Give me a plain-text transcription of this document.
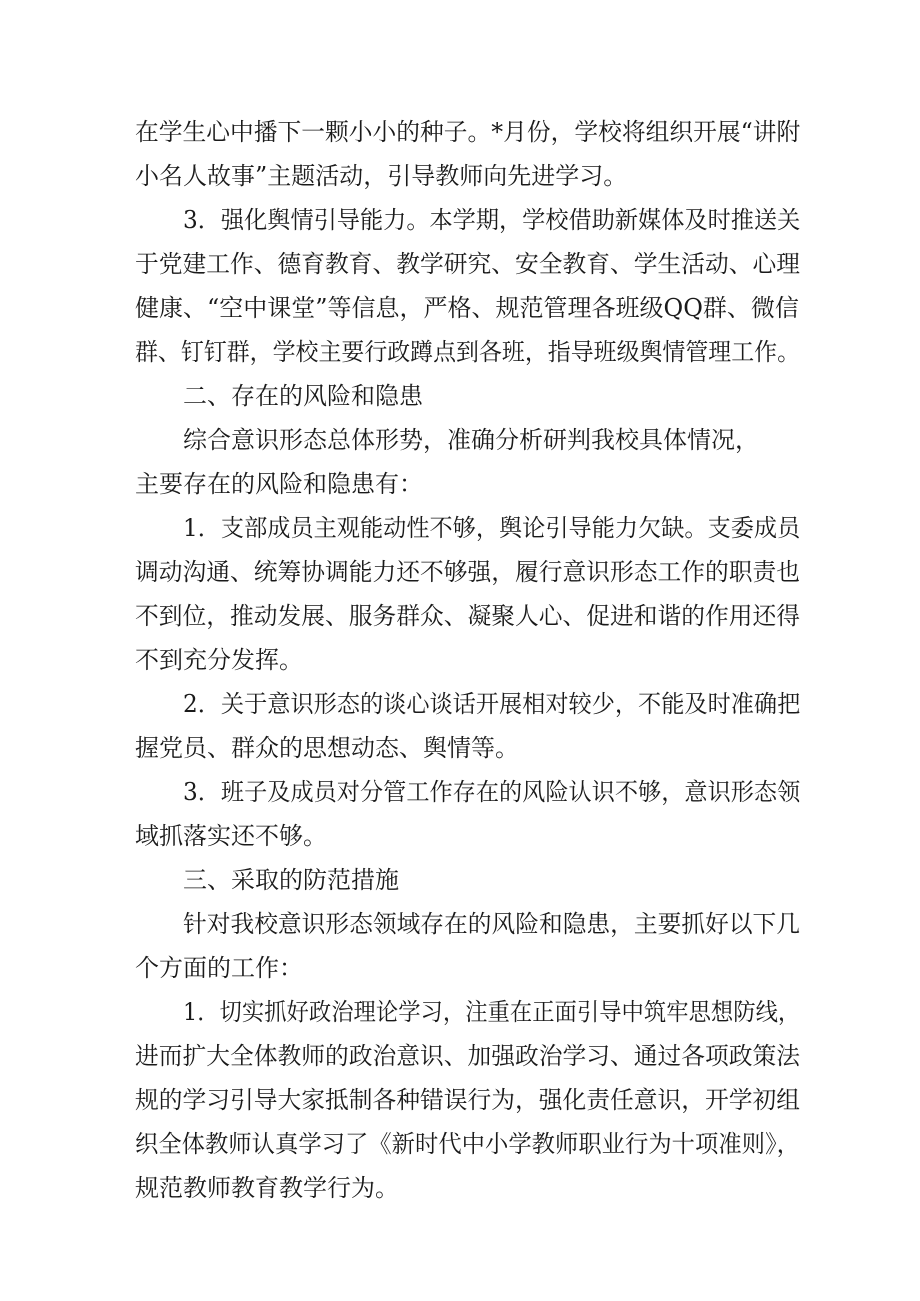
在学生心中播下一颗小小的种子。*月份，学校将组织开展“讲附

小名人故事”主题活动，引导教师向先进学习。

3．强化舆情引导能力。本学期，学校借助新媒体及时推送关

于党建工作、德育教育、教学研究、安全教育、学生活动、心理

健康、“空中课堂”等信息，严格、规范管理各班级QQ群、微信

群、钉钉群，学校主要行政蹲点到各班，指导班级舆情管理工作。

二、存在的风险和隐患

综合意识形态总体形势，准确分析研判我校具体情况，

主要存在的风险和隐患有：

1．支部成员主观能动性不够，舆论引导能力欠缺。支委成员

调动沟通、统筹协调能力还不够强，履行意识形态工作的职责也

不到位，推动发展、服务群众、凝聚人心、促进和谐的作用还得

不到充分发挥。

2．关于意识形态的谈心谈话开展相对较少，不能及时准确把

握党员、群众的思想动态、舆情等。

3．班子及成员对分管工作存在的风险认识不够，意识形态领

域抓落实还不够。

三、采取的防范措施

针对我校意识形态领域存在的风险和隐患，主要抓好以下几

个方面的工作：

1．切实抓好政治理论学习，注重在正面引导中筑牢思想防线，

进而扩大全体教师的政治意识、加强政治学习、通过各项政策法

规的学习引导大家抵制各种错误行为，强化责任意识，开学初组

织全体教师认真学习了《新时代中小学教师职业行为十项准则》，

规范教师教育教学行为。
